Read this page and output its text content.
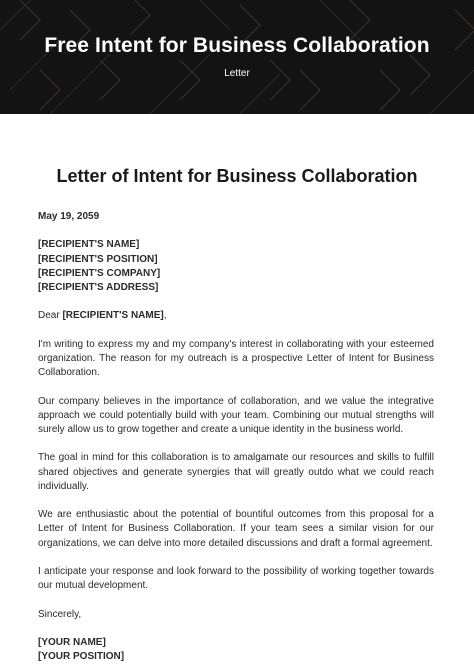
Free Intent for Business Collaboration
Letter
Letter of Intent for Business Collaboration
May 19, 2059

[RECIPIENT'S NAME]
[RECIPIENT'S POSITION]
[RECIPIENT'S COMPANY]
[RECIPIENT'S ADDRESS]

Dear [RECIPIENT'S NAME],

I'm writing to express my and my company's interest in collaborating with your esteemed organization. The reason for my outreach is a prospective Letter of Intent for Business Collaboration.

Our company believes in the importance of collaboration, and we value the integrative approach we could potentially build with your team. Combining our mutual strengths will surely allow us to grow together and create a unique identity in the business world.

The goal in mind for this collaboration is to amalgamate our resources and skills to fulfill shared objectives and generate synergies that will greatly outdo what we could reach individually.

We are enthusiastic about the potential of bountiful outcomes from this proposal for a Letter of Intent for Business Collaboration. If your team sees a similar vision for our organizations, we can delve into more detailed discussions and draft a formal agreement.

I anticipate your response and look forward to the possibility of working together towards our mutual development.

Sincerely,

[YOUR NAME]
[YOUR POSITION]
